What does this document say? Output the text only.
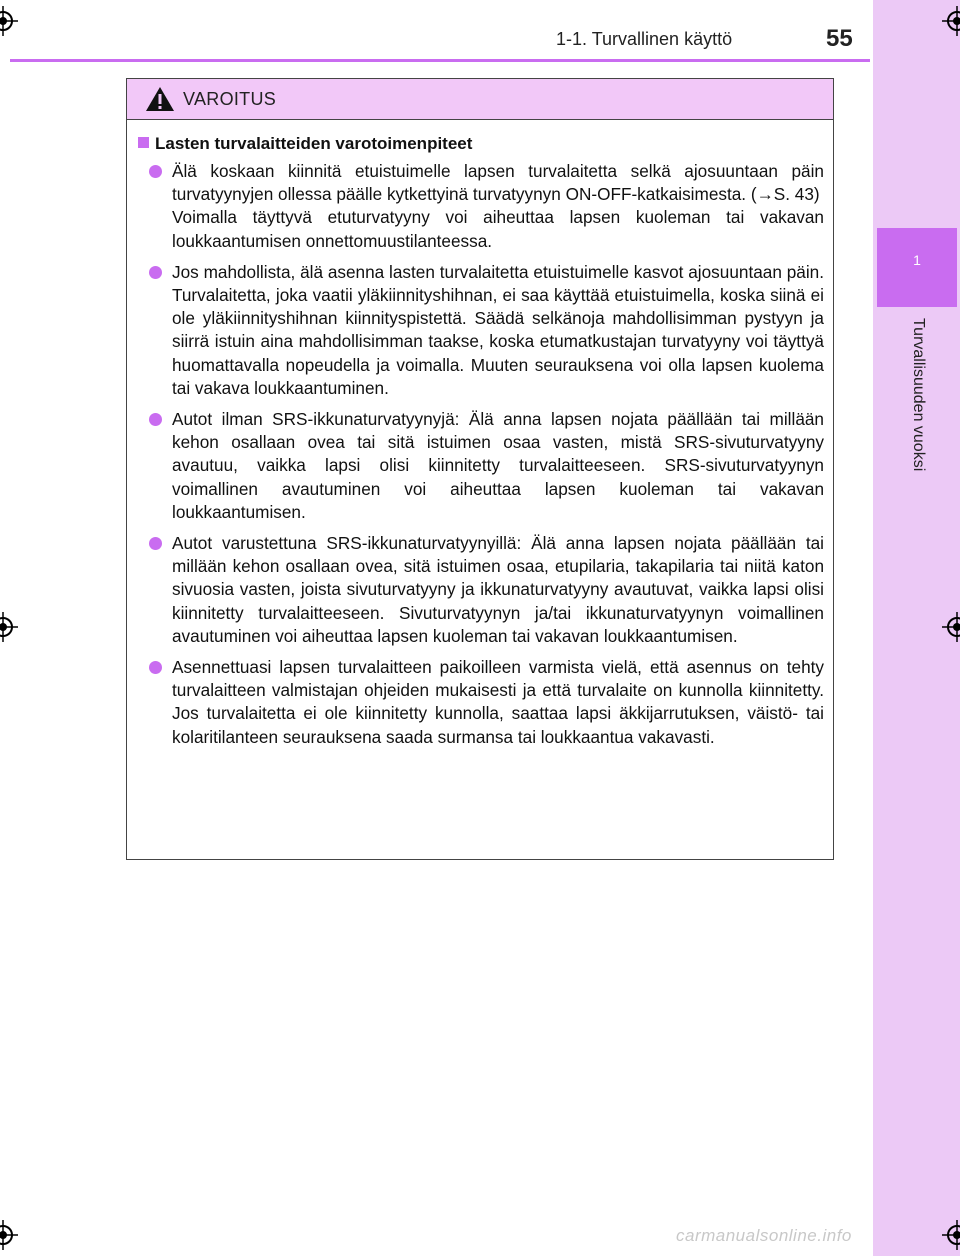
1
Turvallisuuden vuoksi
1-1. Turvallinen käyttö	55
VAROITUS
Lasten turvalaitteiden varotoimenpiteet

Älä koskaan kiinnitä etuistuimelle lapsen turvalaitetta selkä ajosuuntaan päin turvatyynyjen ollessa päälle kytkettyinä turvatyynyn ON-OFF-katkaisimesta. (→S. 43)

Voimalla täyttyvä etuturvatyyny voi aiheuttaa lapsen kuoleman tai vakavan loukkaantumisen onnettomuustilanteessa.

Jos mahdollista, älä asenna lasten turvalaitetta etuistuimelle kasvot ajosuuntaan päin. Turvalaitetta, joka vaatii yläkiinnityshihnan, ei saa käyttää etuistuimella, koska siinä ei ole yläkiinnityshihnan kiinnityspistettä. Säädä selkänoja mahdollisimman pystyyn ja siirrä istuin aina mahdollisimman taakse, koska etumatkustajan turvatyyny voi täyttyä huomattavalla nopeudella ja voimalla. Muuten seurauksena voi olla lapsen kuolema tai vakava loukkaantuminen.

Autot ilman SRS-ikkunaturvatyynyjä: Älä anna lapsen nojata päällään tai millään kehon osallaan ovea tai sitä istuimen osaa vasten, mistä SRS-sivuturvatyyny avautuu, vaikka lapsi olisi kiinnitetty turvalaitteeseen. SRS-sivuturvatyynyn voimallinen avautuminen voi aiheuttaa lapsen kuoleman tai vakavan loukkaantumisen.

Autot varustettuna SRS-ikkunaturvatyynyillä: Älä anna lapsen nojata päällään tai millään kehon osallaan ovea, sitä istuimen osaa, etupilaria, takapilaria tai niitä katon sivuosia vasten, joista sivuturvatyyny ja ikkunaturvatyyny avautuvat, vaikka lapsi olisi kiinnitetty turvalaitteeseen. Sivuturvatyynyn ja/tai ikkunaturvatyynyn voimallinen avautuminen voi aiheuttaa lapsen kuoleman tai vakavan loukkaantumisen.

Asennettuasi lapsen turvalaitteen paikoilleen varmista vielä, että asennus on tehty turvalaitteen valmistajan ohjeiden mukaisesti ja että turvalaite on kunnolla kiinnitetty. Jos turvalaitetta ei ole kiinnitetty kunnolla, saattaa lapsi äkkijarrutuksen, väistö- tai kolaritilanteen seurauksena saada surmansa tai loukkaantua vakavasti.

carmanualsonline.info
